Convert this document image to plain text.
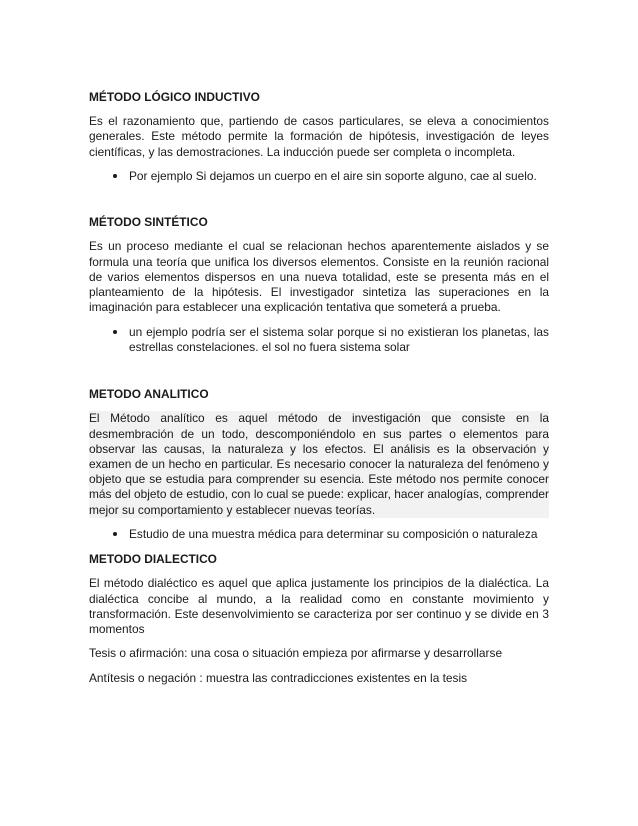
MÉTODO LÓGICO INDUCTIVO

Es el razonamiento que, partiendo de casos particulares, se eleva a conocimientos generales. Este método permite la formación de hipótesis, investigación de leyes científicas, y las demostraciones. La inducción puede ser completa o incompleta.

Por ejemplo Si dejamos un cuerpo en el aire sin soporte alguno, cae al suelo.

MÉTODO SINTÉTICO

Es un proceso mediante el cual se relacionan hechos aparentemente aislados y se formula una teoría que unifica los diversos elementos. Consiste en la reunión racional de varios elementos dispersos en una nueva totalidad, este se presenta más en el planteamiento de la hipótesis. El investigador sintetiza las superaciones en la imaginación para establecer una explicación tentativa que someterá a prueba.

un ejemplo podría ser el sistema solar porque si no existieran los planetas, las estrellas constelaciones. el sol no fuera sistema solar

METODO ANALITICO

El Método analítico es aquel método de investigación que consiste en la desmembración de un todo, descomponiéndolo en sus partes o elementos para observar las causas, la naturaleza y los efectos. El análisis es la observación y examen de un hecho en particular. Es necesario conocer la naturaleza del fenómeno y objeto que se estudia para comprender su esencia. Este método nos permite conocer más del objeto de estudio, con lo cual se puede: explicar, hacer analogías, comprender mejor su comportamiento y establecer nuevas teorías.

Estudio de una muestra médica para determinar su composición o naturaleza

METODO DIALECTICO

El método dialéctico es aquel que aplica justamente los principios de la dialéctica. La dialéctica concibe al mundo, a la realidad como en constante movimiento y transformación. Este desenvolvimiento se caracteriza por ser continuo y se divide en 3 momentos

Tesis o afirmación: una cosa o situación empieza por afirmarse y desarrollarse

Antítesis o negación : muestra las contradicciones existentes en la tesis
